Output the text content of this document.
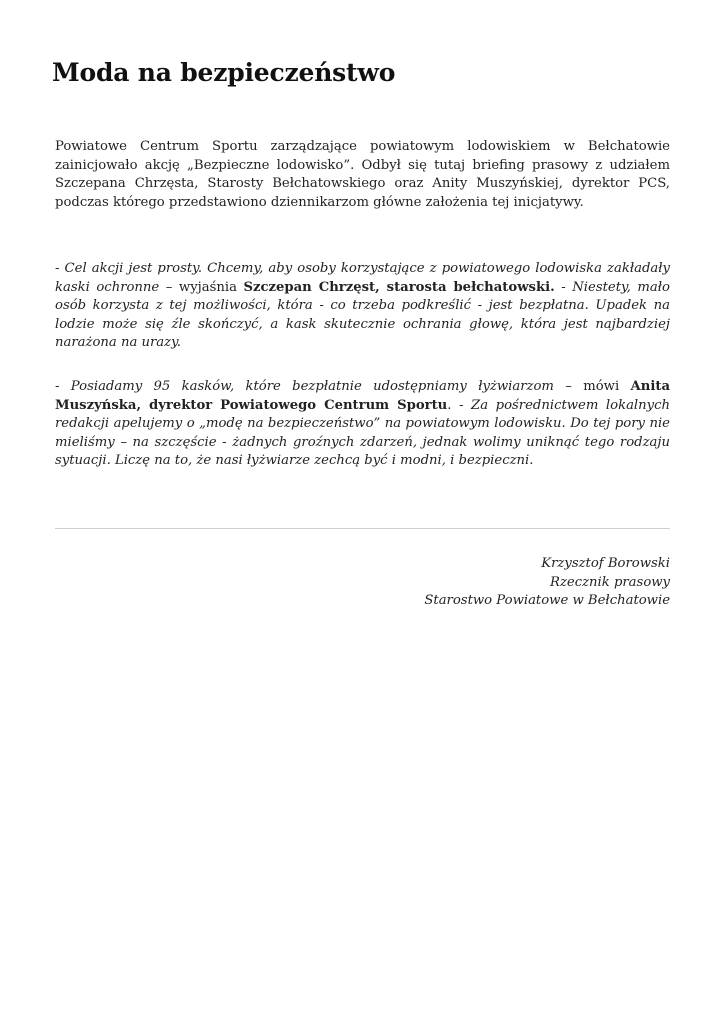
Moda na bezpieczeństwo

Powiatowe Centrum Sportu zarządzające powiatowym lodowiskiem w Bełchatowie zainicjowało akcję „Bezpieczne lodowisko”. Odbył się tutaj briefing prasowy z udziałem Szczepana Chrzęsta, Starosty Bełchatowskiego oraz Anity Muszyńskiej, dyrektor PCS, podczas którego przedstawiono dziennikarzom główne założenia tej inicjatywy.

- Cel akcji jest prosty. Chcemy, aby osoby korzystające z powiatowego lodowiska zakładały kaski ochronne – wyjaśnia Szczepan Chrzęst, starosta bełchatowski. - Niestety, mało osób korzysta z tej możliwości, która - co trzeba podkreślić - jest bezpłatna. Upadek na lodzie może się źle skończyć, a kask skutecznie ochrania głowę, która jest najbardziej narażona na urazy.

- Posiadamy 95 kasków, które bezpłatnie udostępniamy łyżwiarzom – mówi Anita Muszyńska, dyrektor Powiatowego Centrum Sportu. - Za pośrednictwem lokalnych redakcji apelujemy o „modę na bezpieczeństwo” na powiatowym lodowisku. Do tej pory nie mieliśmy – na szczęście - żadnych groźnych zdarzeń, jednak wolimy uniknąć tego rodzaju sytuacji. Liczę na to, że nasi łyżwiarze zechcą być i modni, i bezpieczni.

Krzysztof Borowski
Rzecznik prasowy
Starostwo Powiatowe w Bełchatowie
